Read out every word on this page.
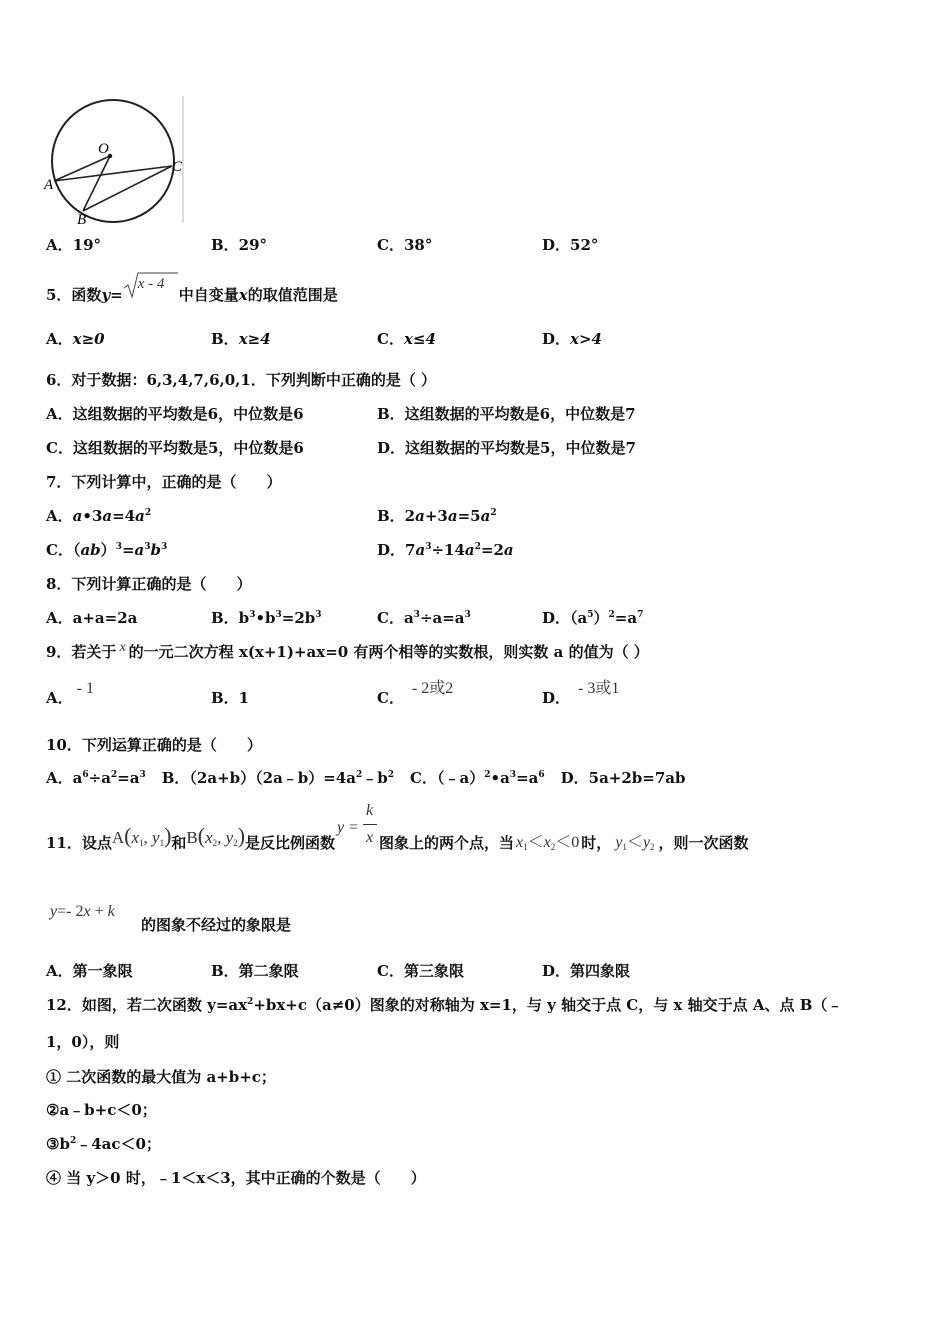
O
C
A
B
A．19°	B．29°	C．38°	D．52°
5．函数y=
x - 4
中自变量x的取值范围是
A．x≥0	B．x≥4	C．x≤4	D．x>4
6．对于数据：6,3,4,7,6,0,1．下列判断中正确的是（ ）
A．这组数据的平均数是6，中位数是6	B．这组数据的平均数是6，中位数是7
C．这组数据的平均数是5，中位数是6	D．这组数据的平均数是5，中位数是7
7．下列计算中，正确的是（　　）
A．$a•3a=4a^2$	B．$2a+3a=5a^2$
C．$(ab)^3=a^3b^3$	D．$7a^3\div 14a^2=2a$
8．下列计算正确的是（　　）
A．a+a=2a	B．$b^3•b^3=2b^3$	C．$a^3\div a=a^3$	D．$(a^5)^2=a^7$
9．若关于 x 的一元二次方程 x(x+1)+ax=0 有两个相等的实数根，则实数 a 的值为（ ）
A．- 1
B．1	C．- 2或2
D．- 3或1
10．下列运算正确的是（　　）
A．$a^6\div a^2=a^3$ B．$(2a+b)(2a﹣b)=4a^2﹣b^2$ C．$(﹣a)^2•a^3=a^6$ D．5a+2b=7ab
11．设点$A(x_1$, $y_1$)和$B(x_2$, $y_2$)是反比例函数
y =
k
x 图象上的两个点，当 $x_1<x_2<0$ 时， $y_1<y_2$ ，则一次函数
y=- 2x + k
的图象不经过的象限是
A．第一象限	B．第二象限	C．第三象限	D．第四象限
12．如图，若二次函数 $y=ax^2+bx+c(a\ne 0)$图象的对称轴为 x=1，与 y 轴交于点 C，与 x 轴交于点 A、点 B（﹣
1，0），则
① 二次函数的最大值为 a+b+c；
②a﹣b+c＜0；
$③b^2﹣4ac<0$；
④ 当 y＞0 时，﹣1＜x＜3，其中正确的个数是（　　）
